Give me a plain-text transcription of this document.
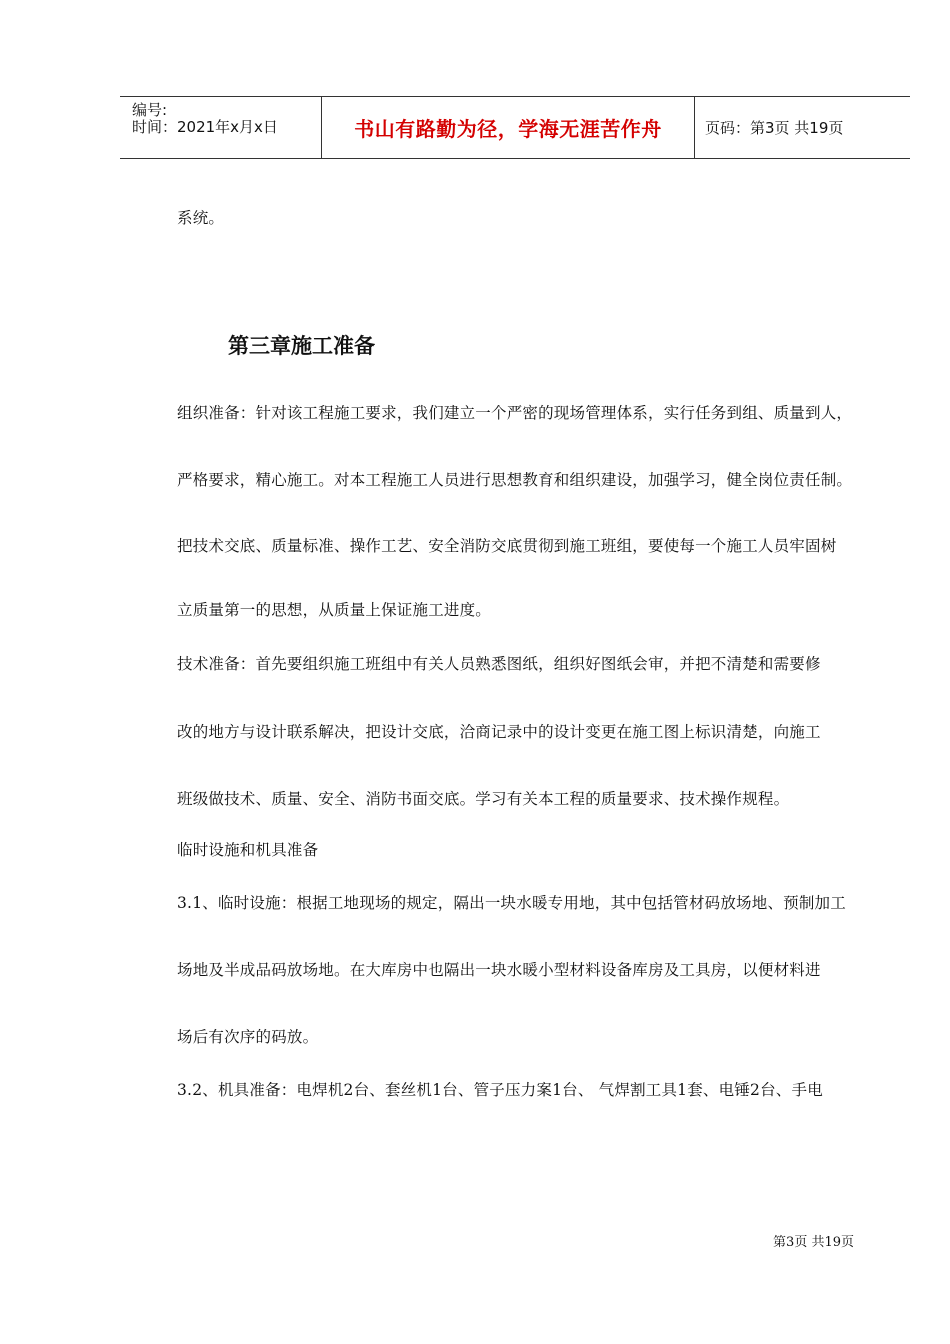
编号:
时间：2021年x月x日	书山有路勤为径，学海无涯苦作舟	页码：第3页 共19页
系统。
第三章施工准备
组织准备：针对该工程施工要求，我们建立一个严密的现场管理体系，实行任务到组、质量到人，
严格要求，精心施工。对本工程施工人员进行思想教育和组织建设，加强学习，健全岗位责任制。
把技术交底、质量标准、操作工艺、安全消防交底贯彻到施工班组，要使每一个施工人员牢固树
立质量第一的思想，从质量上保证施工进度。
技术准备：首先要组织施工班组中有关人员熟悉图纸，组织好图纸会审，并把不清楚和需要修
改的地方与设计联系解决，把设计交底，洽商记录中的设计变更在施工图上标识清楚，向施工
班级做技术、质量、安全、消防书面交底。学习有关本工程的质量要求、技术操作规程。
临时设施和机具准备
3.1、临时设施：根据工地现场的规定，隔出一块水暖专用地，其中包括管材码放场地、预制加工
场地及半成品码放场地。在大库房中也隔出一块水暖小型材料设备库房及工具房，以便材料进
场后有次序的码放。
3.2、机具准备：电焊机2台、套丝机1台、管子压力案1台、 气焊割工具1套、电锤2台、手电
第3页 共19页
